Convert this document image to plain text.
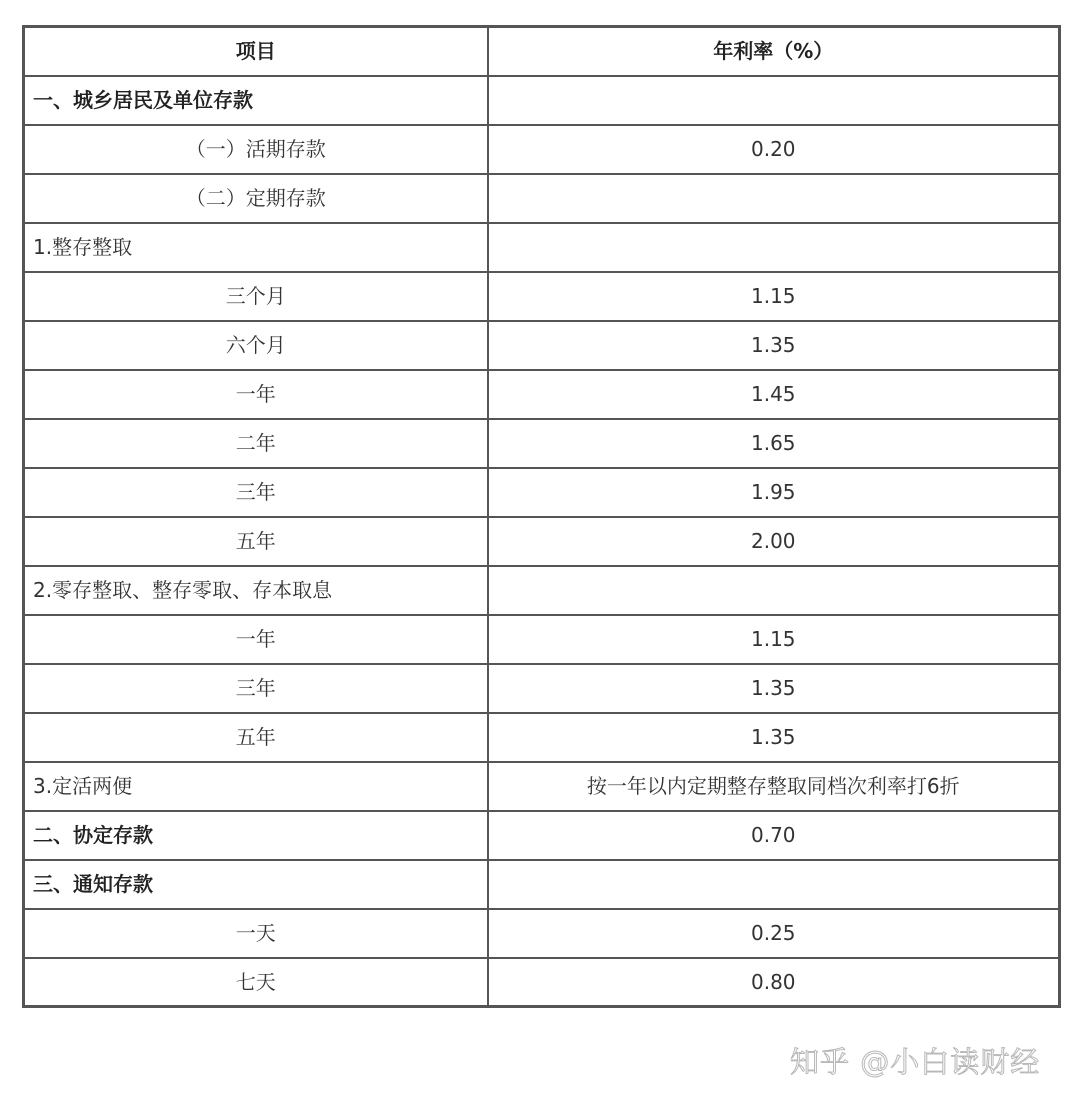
项目	年利率（%）
一、城乡居民及单位存款	
（一）活期存款	0.20
（二）定期存款	
1.整存整取	
三个月	1.15
六个月	1.35
一年	1.45
二年	1.65
三年	1.95
五年	2.00
2.零存整取、整存零取、存本取息	
一年	1.15
三年	1.35
五年	1.35
3.定活两便	按一年以内定期整存整取同档次利率打6折
二、协定存款	0.70
三、通知存款	
一天	0.25
七天	0.80
知乎 @小白读财经
